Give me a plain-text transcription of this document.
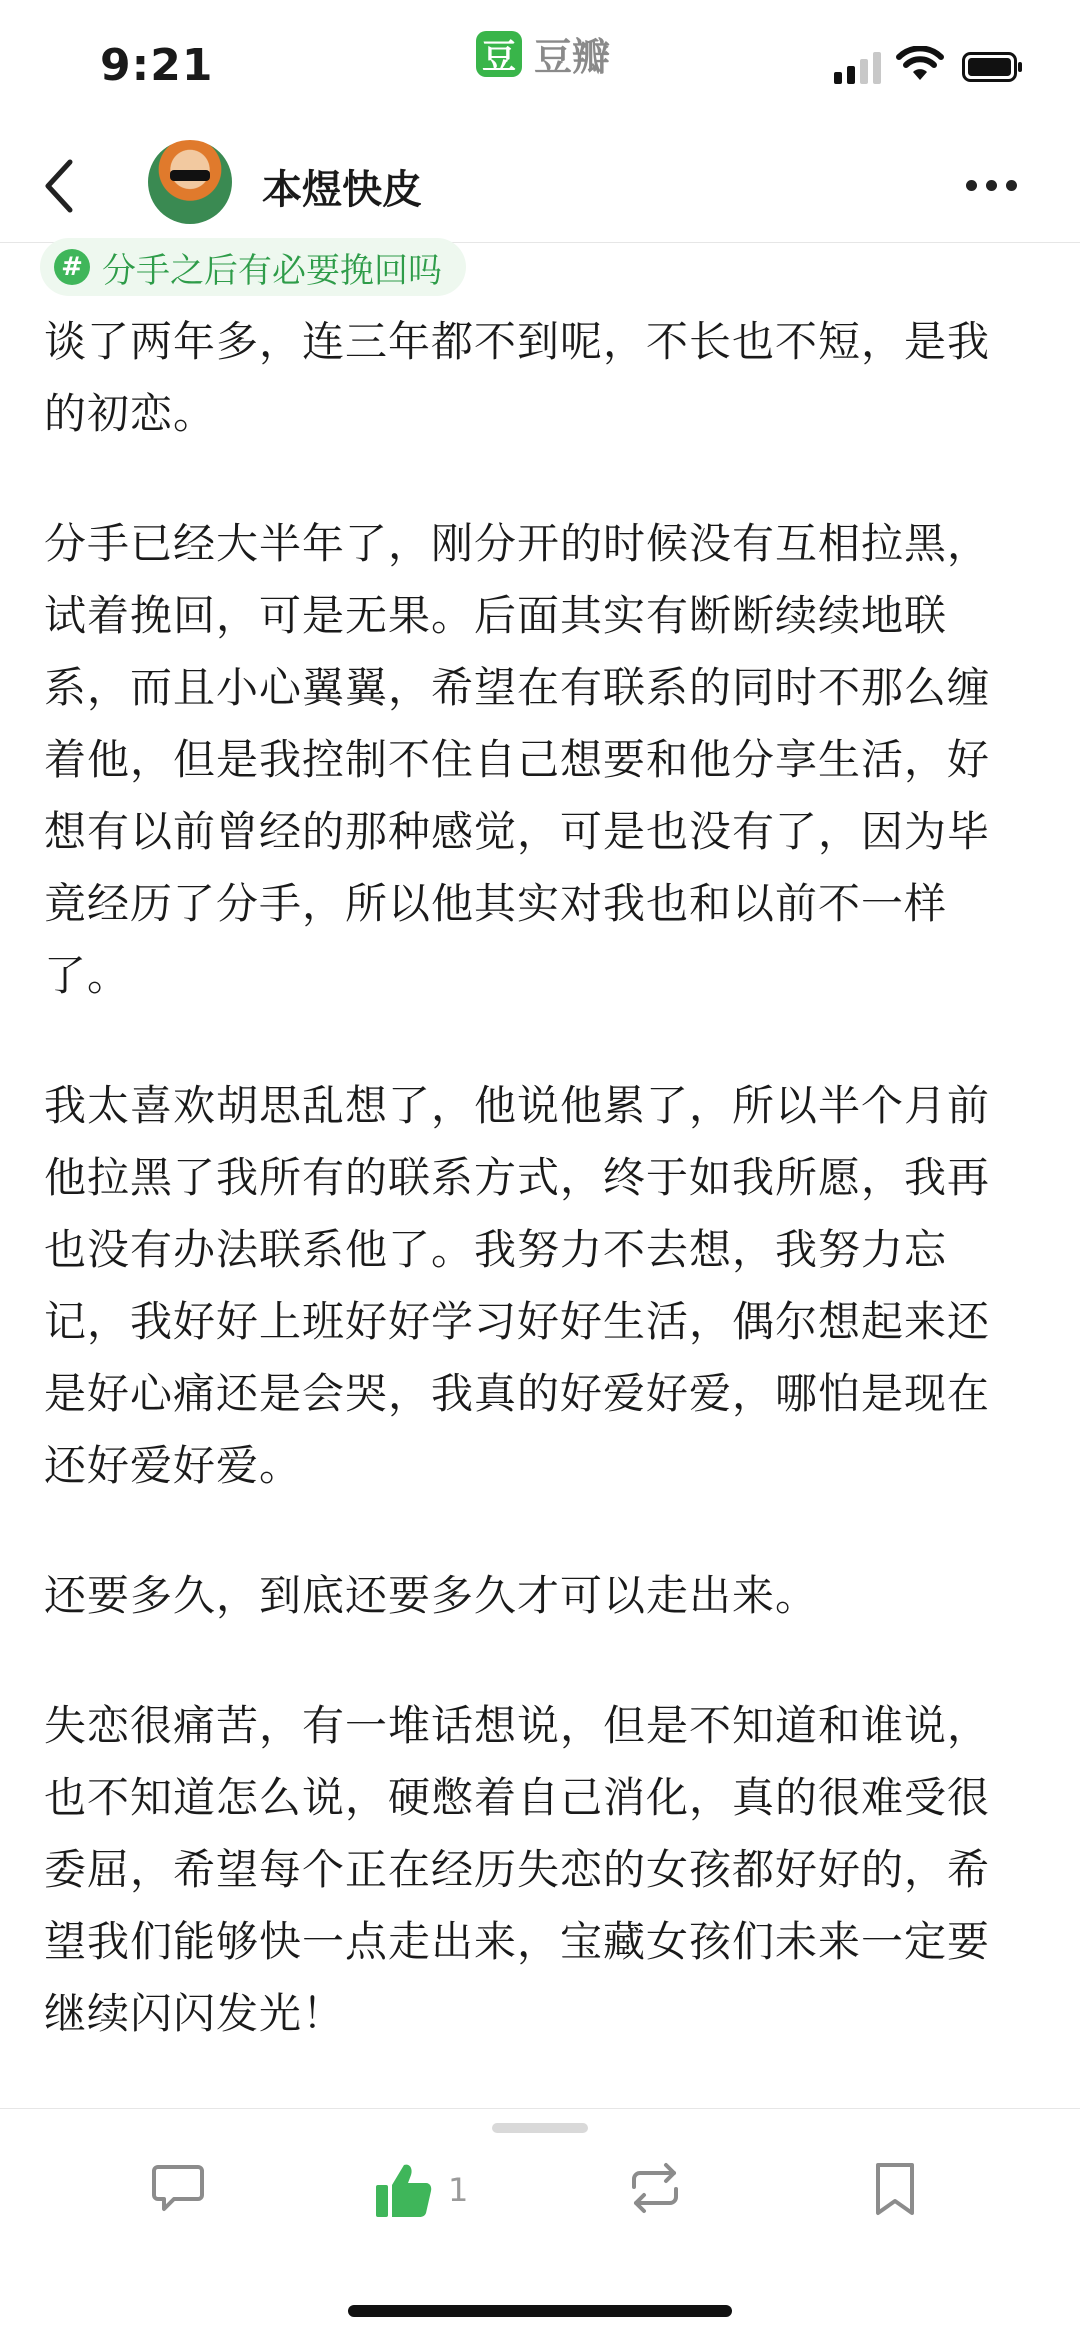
9:21	豆 豆瓣
本煜快皮
# 分手之后有必要挽回吗

谈了两年多，连三年都不到呢，不长也不短，是我的初恋。

分手已经大半年了，刚分开的时候没有互相拉黑，试着挽回，可是无果。后面其实有断断续续地联系，而且小心翼翼，希望在有联系的同时不那么缠着他，但是我控制不住自己想要和他分享生活，好想有以前曾经的那种感觉，可是也没有了，因为毕竟经历了分手，所以他其实对我也和以前不一样了。

我太喜欢胡思乱想了，他说他累了，所以半个月前他拉黑了我所有的联系方式，终于如我所愿，我再也没有办法联系他了。我努力不去想，我努力忘记，我好好上班好好学习好好生活，偶尔想起来还是好心痛还是会哭，我真的好爱好爱，哪怕是现在还好爱好爱。

还要多久，到底还要多久才可以走出来。

失恋很痛苦，有一堆话想说，但是不知道和谁说，也不知道怎么说，硬憋着自己消化，真的很难受很委屈，希望每个正在经历失恋的女孩都好好的，希望我们能够快一点走出来，宝藏女孩们未来一定要继续闪闪发光！

1
